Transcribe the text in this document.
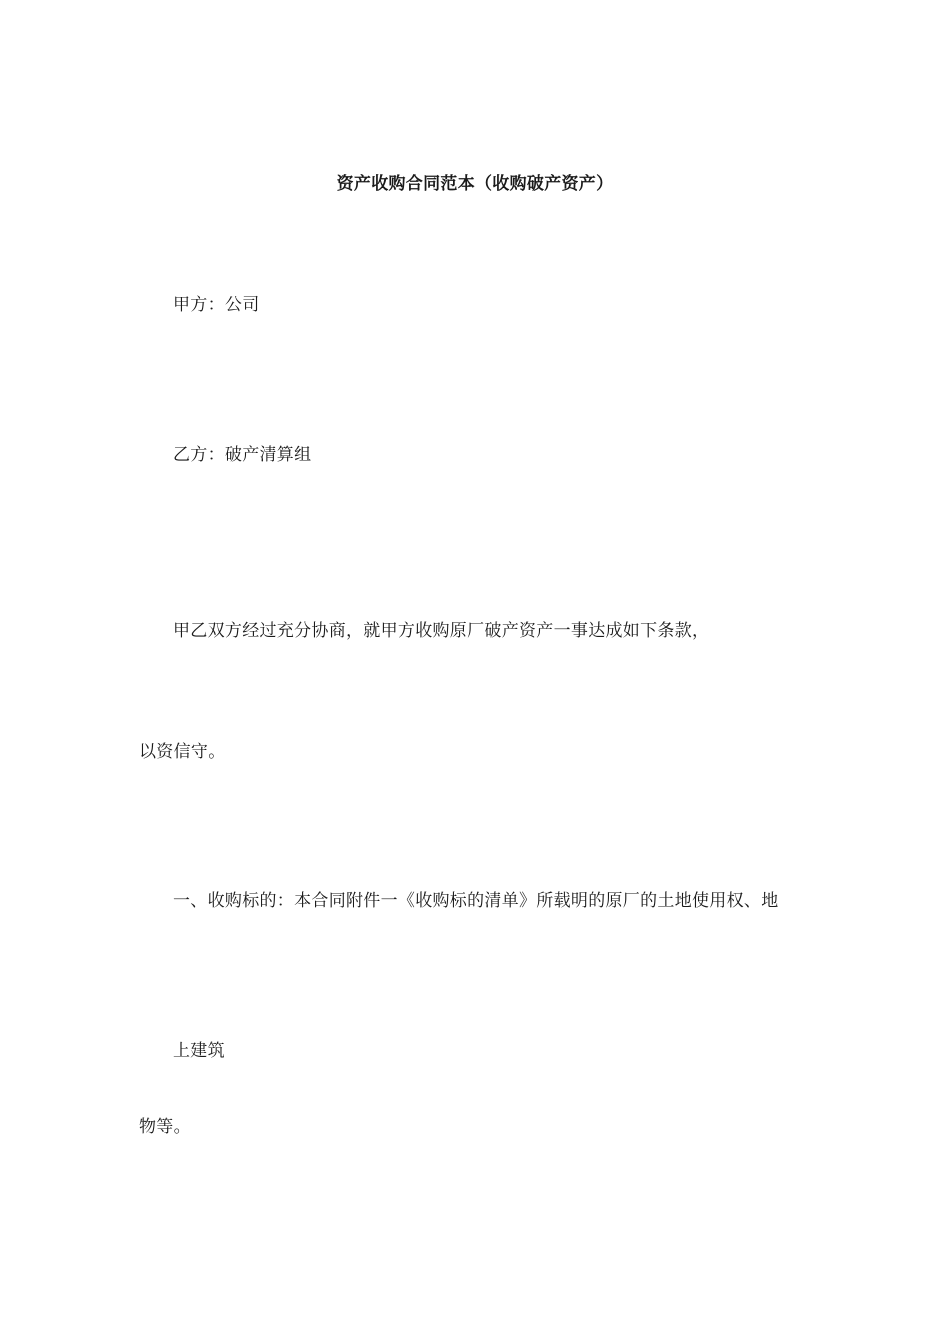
资产收购合同范本（收购破产资产）
甲方：公司
乙方：破产清算组
甲乙双方经过充分协商，就甲方收购原厂破产资产一事达成如下条款，
以资信守。
一、收购标的：本合同附件一《收购标的清单》所载明的原厂的土地使用权、地
上建筑
物等。
